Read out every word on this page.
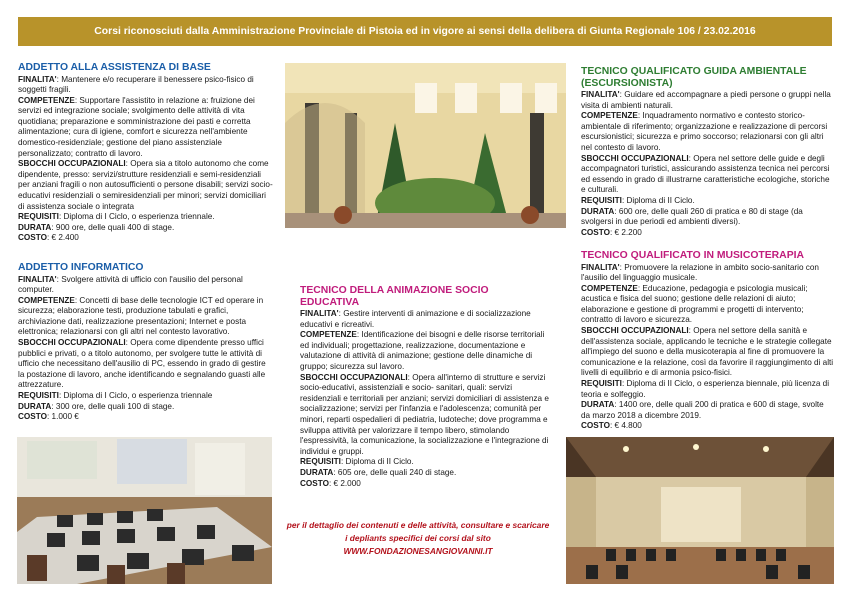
Corsi riconosciuti dalla Amministrazione Provinciale di Pistoia ed in vigore ai sensi della delibera di Giunta Regionale 106 / 23.02.2016
ADDETTO ALLA ASSISTENZA DI BASE

FINALITA': Mantenere e/o recuperare il benessere psico-fisico di soggetti fragili.

COMPETENZE: Supportare l'assistito in relazione a: fruizione dei servizi ed integrazione sociale; svolgimento delle attività di vita quotidiana; preparazione e somministrazione dei pasti e corretta alimentazione; cura di igiene, comfort e sicurezza nell'ambiente domestico-residenziale; gestione del piano assistenziale personalizzato; contratto di lavoro.

SBOCCHI OCCUPAZIONALI: Opera sia a titolo autonomo che come dipendente, presso: servizi/strutture residenziali e semi-residenziali per anziani fragili o non autosufficienti o persone disabili; servizi socio-educativi residenziali o semiresidenziali per minori; servizi domiciliari di assistenza sociale o integrata

REQUISITI: Diploma di I Ciclo, o esperienza triennale.

DURATA: 900 ore, delle quali 400 di stage.

COSTO: € 2.400

ADDETTO INFORMATICO

FINALITA': Svolgere attività di ufficio con l'ausilio del personal computer.

COMPETENZE: Concetti di base delle tecnologie ICT ed operare in sicurezza; elaborazione testi, produzione tabulati e grafici, archiviazione dati, realizzazione presentazioni; Internet e posta elettronica; relazionarsi con gli altri nel contesto lavorativo.

SBOCCHI OCCUPAZIONALI: Opera come dipendente presso uffici pubblici e privati, o a titolo autonomo, per svolgere tutte le attività di ufficio che necessitano dell'ausilio di PC, essendo in grado di gestire la postazione di lavoro, anche identificando e segnalando guasti alle attrezzature.

REQUISITI: Diploma di I Ciclo, o esperienza triennale

DURATA: 300 ore, delle quali 100 di stage.

COSTO: 1.000 €

TECNICO DELLA ANIMAZIONE SOCIO EDUCATIVA

FINALITA': Gestire interventi di animazione e di socializzazione educativi e ricreativi.

COMPETENZE: Identificazione dei bisogni e delle risorse territoriali ed individuali; progettazione, realizzazione, documentazione e valutazione di attività di animazione; gestione delle dinamiche di gruppo; sicurezza sul lavoro.

SBOCCHI OCCUPAZIONALI: Opera all'interno di strutture e servizi socio-educativi, assistenziali e socio- sanitari, quali: servizi residenziali e territoriali per anziani; servizi domiciliari di assistenza e socializzazione; servizi per l'infanzia e l'adolescenza; comunità per minori, reparti ospedalieri di pediatria, ludoteche; dove programma e sviluppa attività per valorizzare il tempo libero, stimolando l'espressività, la comunicazione, la socializzazione e l'integrazione di individui e gruppi.

REQUISITI: Diploma di II Ciclo.

DURATA: 605 ore, delle quali 240 di stage.

COSTO: € 2.000

per il dettaglio dei contenuti e delle attività, consultare e scaricare i depliants specifici dei corsi dal sito WWW.FONDAZIONESANGIOVANNI.IT
TECNICO QUALIFICATO GUIDA AMBIENTALE (ESCURSIONISTA)

FINALITA': Guidare ed accompagnare a piedi persone o gruppi nella visita di ambienti naturali.

COMPETENZE: Inquadramento normativo e contesto storico-ambientale di riferimento; organizzazione e realizzazione di percorsi escursionistici; sicurezza e primo soccorso; relazionarsi con gli altri nel contesto di lavoro.

SBOCCHI OCCUPAZIONALI: Opera nel settore delle guide e degli accompagnatori turistici, assicurando assistenza tecnica nei percorsi ed essendo in grado di illustrarne caratteristiche ecologiche, storiche e culturali.

REQUISITI: Diploma di II Ciclo.

DURATA: 600 ore, delle quali 260 di pratica e 80 di stage (da svolgersi in due periodi ed ambienti diversi).

COSTO: € 2.200

TECNICO QUALIFICATO IN MUSICOTERAPIA

FINALITA': Promuovere la relazione in ambito socio-sanitario con l'ausilio del linguaggio musicale.

COMPETENZE: Educazione, pedagogia e psicologia musicali; acustica e fisica del suono; gestione delle relazioni di aiuto; elaborazione e gestione di programmi e progetti di intervento; contratto di lavoro e sicurezza.

SBOCCHI OCCUPAZIONALI: Opera nel settore della sanità e dell'assistenza sociale, applicando le tecniche e le strategie collegate all'impiego del suono e della musicoterapia al fine di promuovere la comunicazione e la relazione, così da favorire il raggiungimento di alti livelli di equilibrio e di armonia psico-fisici.

REQUISITI: Diploma di II Ciclo, o esperienza biennale, più licenza di teoria e solfeggio.

DURATA: 1400 ore, delle quali 200 di pratica e 600 di stage, svolte da marzo 2018 a dicembre 2019.

COSTO: € 4.800
